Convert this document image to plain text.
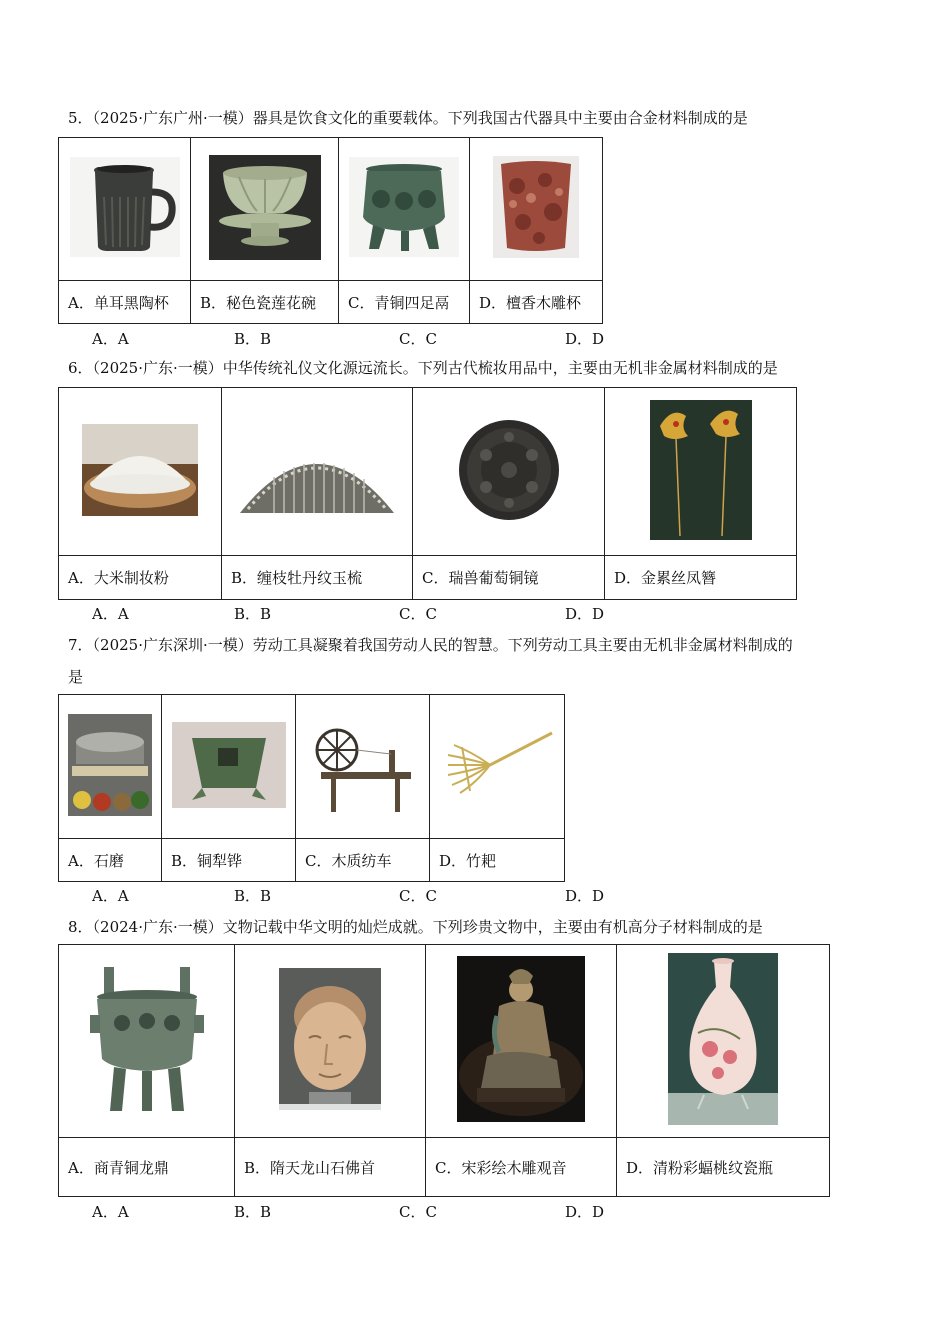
5．（2025·广东广州·一模）器具是饮食文化的重要载体。下列我国古代器具中主要由合金材料制成的是

A．单耳黑陶杯	B．秘色瓷莲花碗	C．青铜四足鬲	D．檀香木雕杯
A．A	B．B	C．C	D．D
6．（2025·广东·一模）中华传统礼仪文化源远流长。下列古代梳妆用品中，主要由无机非金属材料制成的是

A．大米制妆粉	B．缠枝牡丹纹玉梳	C．瑞兽葡萄铜镜	D．金累丝凤簪
A．A	B．B	C．C	D．D
7．（2025·广东深圳·一模）劳动工具凝聚着我国劳动人民的智慧。下列劳动工具主要由无机非金属材料制成的
是

A．石磨	B．铜犁铧	C．木质纺车	D．竹耙
A．A	B．B	C．C	D．D
8．（2024·广东·一模）文物记载中华文明的灿烂成就。下列珍贵文物中，主要由有机高分子材料制成的是

A．商青铜龙鼎	B．隋天龙山石佛首	C．宋彩绘木雕观音	D．清粉彩蝠桃纹瓷瓶
A．A	B．B	C．C	D．D
